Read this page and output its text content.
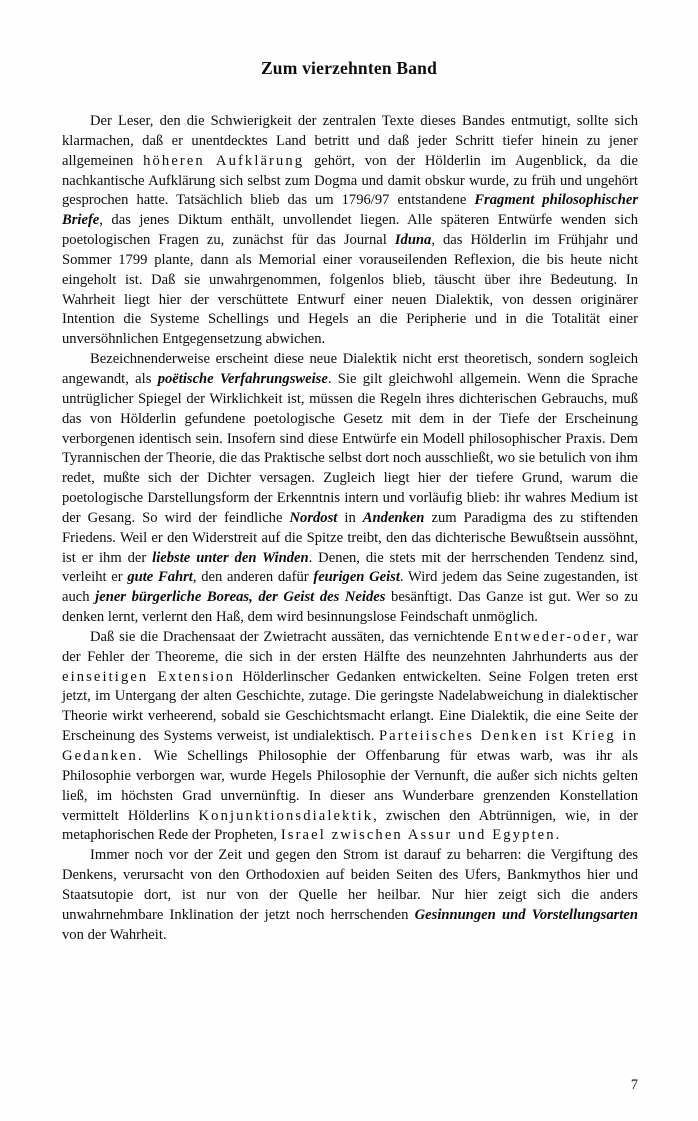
Zum vierzehnten Band

Der Leser, den die Schwierigkeit der zentralen Texte dieses Bandes entmutigt, sollte sich klarmachen, daß er unentdecktes Land betritt und daß jeder Schritt tiefer hinein zu jener allgemeinen höheren Aufklärung gehört, von der Hölderlin im Augenblick, da die nachkantische Aufklärung sich selbst zum Dogma und damit obskur wurde, zu früh und ungehört gesprochen hatte. Tatsächlich blieb das um 1796/97 entstandene Fragment philosophischer Briefe, das jenes Diktum enthält, unvollendet liegen. Alle späteren Entwürfe wenden sich poetologischen Fragen zu, zunächst für das Journal Iduna, das Hölderlin im Frühjahr und Sommer 1799 plante, dann als Memorial einer vorauseilenden Reflexion, die bis heute nicht eingeholt ist. Daß sie unwahrgenommen, folgenlos blieb, täuscht über ihre Bedeutung. In Wahrheit liegt hier der verschüttete Entwurf einer neuen Dialektik, von dessen originärer Intention die Systeme Schellings und Hegels an die Peripherie und in die Totalität einer unversöhnlichen Entgegensetzung abwichen.

Bezeichnenderweise erscheint diese neue Dialektik nicht erst theoretisch, sondern sogleich angewandt, als poëtische Verfahrungsweise. Sie gilt gleichwohl allgemein. Wenn die Sprache untrüglicher Spiegel der Wirklichkeit ist, müssen die Regeln ihres dichterischen Gebrauchs, muß das von Hölderlin gefundene poetologische Gesetz mit dem in der Tiefe der Erscheinung verborgenen identisch sein. Insofern sind diese Entwürfe ein Modell philosophischer Praxis. Dem Tyrannischen der Theorie, die das Praktische selbst dort noch ausschließt, wo sie betulich von ihm redet, mußte sich der Dichter versagen. Zugleich liegt hier der tiefere Grund, warum die poetologische Darstellungsform der Erkenntnis intern und vorläufig blieb: ihr wahres Medium ist der Gesang. So wird der feindliche Nordost in Andenken zum Paradigma des zu stiftenden Friedens. Weil er den Widerstreit auf die Spitze treibt, den das dichterische Bewußtsein aussöhnt, ist er ihm der liebste unter den Winden. Denen, die stets mit der herrschenden Tendenz sind, verleiht er gute Fahrt, den anderen dafür feurigen Geist. Wird jedem das Seine zugestanden, ist auch jener bürgerliche Boreas, der Geist des Neides besänftigt. Das Ganze ist gut. Wer so zu denken lernt, verlernt den Haß, dem wird besinnungslose Feindschaft unmöglich.

Daß sie die Drachensaat der Zwietracht aussäten, das vernichtende Entweder-oder, war der Fehler der Theoreme, die sich in der ersten Hälfte des neunzehnten Jahrhunderts aus der einseitigen Extension Hölderlinscher Gedanken entwickelten. Seine Folgen treten erst jetzt, im Untergang der alten Geschichte, zutage. Die geringste Nadelabweichung in dialektischer Theorie wirkt verheerend, sobald sie Geschichtsmacht erlangt. Eine Dialektik, die eine Seite der Erscheinung des Systems verweist, ist undialektisch. Parteiisches Denken ist Krieg in Gedanken. Wie Schellings Philosophie der Offenbarung für etwas warb, was ihr als Philosophie verborgen war, wurde Hegels Philosophie der Vernunft, die außer sich nichts gelten ließ, im höchsten Grad unvernünftig. In dieser ans Wunderbare grenzenden Konstellation vermittelt Hölderlins Konjunktionsdialektik, zwischen den Abtrünnigen, wie, in der metaphorischen Rede der Propheten, Israel zwischen Assur und Egypten.

Immer noch vor der Zeit und gegen den Strom ist darauf zu beharren: die Vergiftung des Denkens, verursacht von den Orthodoxien auf beiden Seiten des Ufers, Bankmythos hier und Staatsutopie dort, ist nur von der Quelle her heilbar. Nur hier zeigt sich die anders unwahrnehmbare Inklination der jetzt noch herrschenden Gesinnungen und Vorstellungsarten von der Wahrheit.

7
